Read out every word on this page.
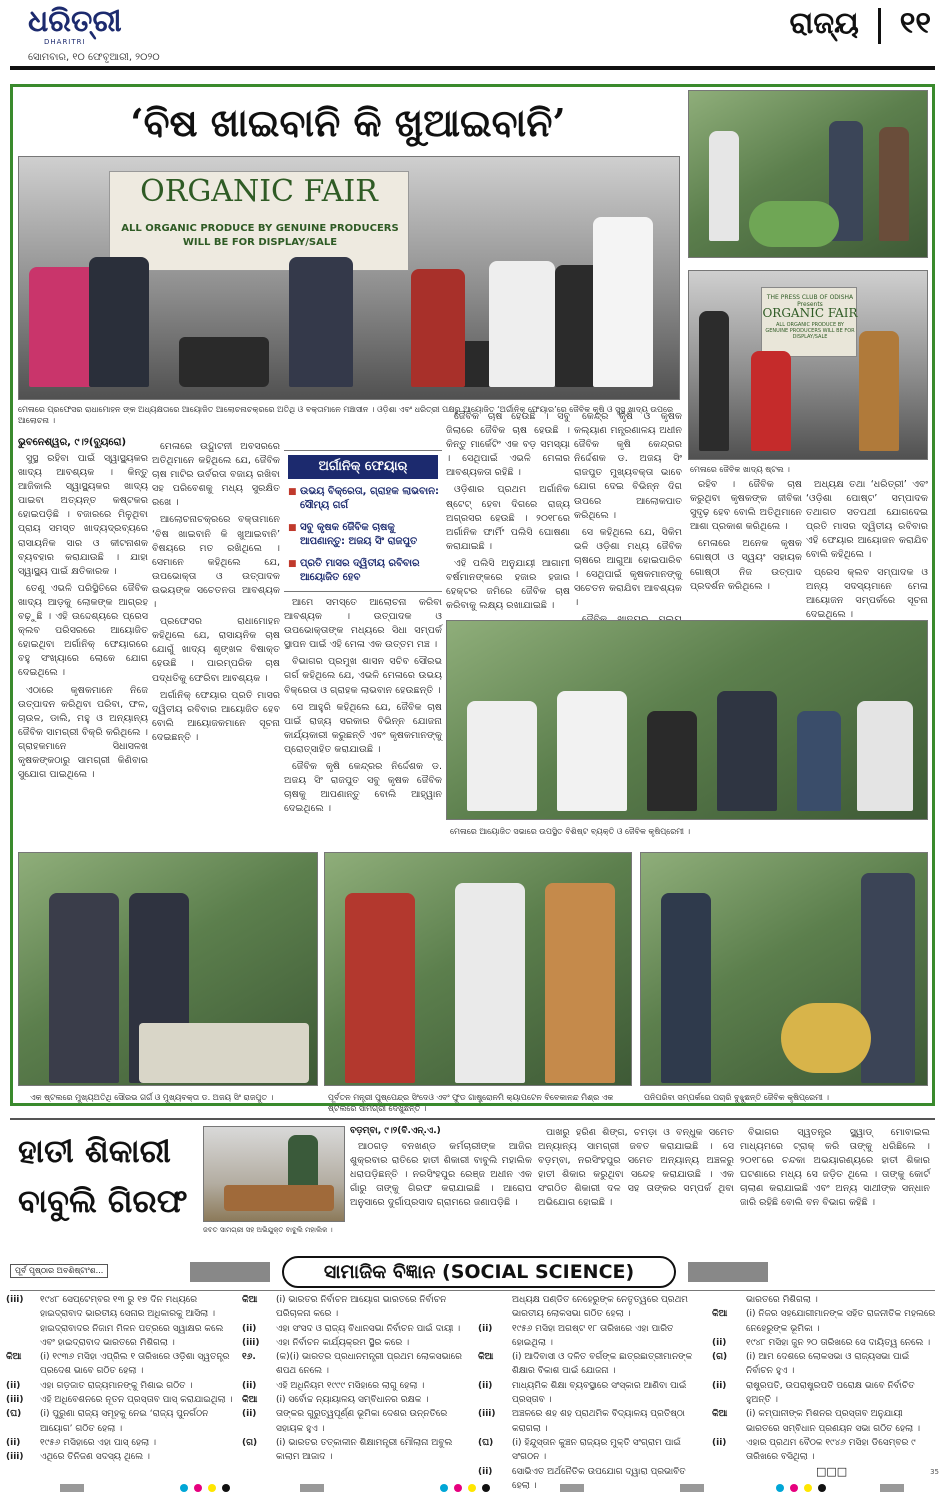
ଧରିତ୍ରୀ
DHARITRI
ସୋମବାର, ୧୦ ଫେବୃଆରୀ, ୨୦୨୦
ରାଜ୍ୟ ୧୧
‘ବିଷ ଖାଇବାନି କି ଖୁଆଇବାନି’
ORGANIC FAIR
ALL ORGANIC PRODUCE BY GENUINE PRODUCERS WILL BE FOR DISPLAY/SALE
ମେଳାରେ ପ୍ରଫେସର ରାଧାମୋହନ ଙ୍କ ଅଧ୍ୟକ୍ଷତାରେ ଆୟୋଜିତ ଆଲୋଚନାଚକ୍ରରେ ଅତିଥି ଓ ବକ୍ତାମାନେ ମଞ୍ଚାସୀନ । ଓଡ଼ିଶା ଏବଂ ଧରିତ୍ରୀ ପକ୍ଷରୁ ଆୟୋଜିତ ‘ଅର୍ଗାନିକ୍ ଫେୟାର’ରେ ଜୈବିକ କୃଷି ଓ ସୁସ୍ଥ ଖାଦ୍ୟ ଉପରେ ଆଲୋଚନା ।
THE PRESS CLUB OF ODISHA Presents
ORGANIC FAIR
ALL ORGANIC PRODUCE BY GENUINE PRODUCERS WILL BE FOR DISPLAY/SALE
ମେଳାରେ ଜୈବିକ ଖାଦ୍ୟ ଷ୍ଟଲ ।
ଭୁବନେଶ୍ୱର, ୯।୨(ବ୍ୟୁରୋ)

ସୁସ୍ଥ ରହିବା ପାଇଁ ସ୍ୱାସ୍ଥ୍ୟକର ଖାଦ୍ୟ ଆବଶ୍ୟକ । କିନ୍ତୁ ଆଜିକାଲି ସ୍ୱାସ୍ଥ୍ୟକର ଖାଦ୍ୟ ପାଇବା ଅତ୍ୟନ୍ତ କଷ୍ଟକର ହୋଇପଡ଼ିଛି । ବଜାରରେ ମିଳୁଥିବା ପ୍ରାୟ ସମସ୍ତ ଖାଦ୍ୟଦ୍ରବ୍ୟରେ ରାସାୟନିକ ସାର ଓ କୀଟନାଶକ ବ୍ୟବହାର କରାଯାଉଛି । ଯାହା ସ୍ୱାସ୍ଥ୍ୟ ପାଇଁ କ୍ଷତିକାରକ ।

ତେଣୁ ଏଭଳି ପରିସ୍ଥିତିରେ ଜୈବିକ ଖାଦ୍ୟ ଆଡ଼କୁ ଲୋକଙ୍କ ଆଗ୍ରହ ବଢ଼ୁଛି । ଏହି ଉଦ୍ଦେଶ୍ୟରେ ପ୍ରେସ କ୍ଲବ ପରିସରରେ ଆୟୋଜିତ ହୋଇଥିବା ଅର୍ଗାନିକ୍ ଫେୟାରରେ ବହୁ ସଂଖ୍ୟାରେ ଲୋକେ ଯୋଗ ଦେଇଥିଲେ ।

ଏଠାରେ କୃଷକମାନେ ନିଜେ ଉତ୍ପାଦନ କରିଥିବା ପରିବା, ଫଳ, ଚାଉଳ, ଡାଲି, ମହୁ ଓ ଅନ୍ୟାନ୍ୟ ଜୈବିକ ସାମଗ୍ରୀ ବିକ୍ରି କରିଥିଲେ । ଗ୍ରାହକମାନେ ସିଧାସଳଖ କୃଷକଙ୍କଠାରୁ ସାମଗ୍ରୀ କିଣିବାର ସୁଯୋଗ ପାଇଥିଲେ ।

ମେଳାରେ ଉଦ୍ଘାଟନୀ ଅବସରରେ ଅତିଥିମାନେ କହିଥିଲେ ଯେ, ଜୈବିକ ଚାଷ ମାଟିର ଉର୍ବରତା ବଜାୟ ରଖିବା ସହ ପରିବେଶକୁ ମଧ୍ୟ ସୁରକ୍ଷିତ ରଖେ ।

ଆଲୋଚନାଚକ୍ରରେ ବକ୍ତାମାନେ ‘ବିଷ ଖାଇବାନି କି ଖୁଆଇବାନି’ ବିଷୟରେ ମତ ରଖିଥିଲେ । ସେମାନେ କହିଥିଲେ ଯେ, ଉପଭୋକ୍ତା ଓ ଉତ୍ପାଦକ ଉଭୟଙ୍କ ସଚେତନତା ଆବଶ୍ୟକ ।

ପ୍ରଫେସର ରାଧାମୋହନ କହିଥିଲେ ଯେ, ରାସାୟନିକ ଚାଷ ଯୋଗୁଁ ଖାଦ୍ୟ ଶୃଙ୍ଖଳ ବିଷାକ୍ତ ହେଉଛି । ପାରମ୍ପରିକ ଚାଷ ପଦ୍ଧତିକୁ ଫେରିବା ଆବଶ୍ୟକ ।

ଅର୍ଗାନିକ୍ ଫେୟାର ପ୍ରତି ମାସର ଦ୍ୱିତୀୟ ରବିବାର ଆୟୋଜିତ ହେବ ବୋଲି ଆୟୋଜକମାନେ ସୂଚନା ଦେଇଛନ୍ତି ।

ଅର୍ଗାନିକ୍ ଫେୟାର୍
■ ଉଭୟ ବିକ୍ରେତା, ଗ୍ରାହକ ଲାଭବାନ: ସୌମ୍ୟ ଗର୍ଗ
■ ସବୁ କୃଷକ ଜୈବିକ ଚାଷକୁ ଆପଣାନ୍ତୁ: ଅଜୟ ସିଂ ରାଜପୁତ
■ ପ୍ରତି ମାସର ଦ୍ୱିତୀୟ ରବିବାର ଆୟୋଜିତ ହେବ

ଆମେ ସମସ୍ତେ ଆଲୋଚନା କରିବା ଆବଶ୍ୟକ । ଉତ୍ପାଦକ ଓ ଉପଭୋକ୍ତାଙ୍କ ମଧ୍ୟରେ ସିଧା ସମ୍ପର୍କ ସ୍ଥାପନ ପାଇଁ ଏହି ମେଳା ଏକ ଉତ୍ତମ ମଞ୍ଚ ।

ବିଭାଗର ପ୍ରମୁଖ ଶାସନ ସଚିବ ସୌରଭ ଗର୍ଗ କହିଥିଲେ ଯେ, ଏଭଳି ମେଳାରେ ଉଭୟ ବିକ୍ରେତା ଓ ଗ୍ରାହକ ଲାଭବାନ ହେଉଛନ୍ତି ।

ସେ ଆହୁରି କହିଥିଲେ ଯେ, ଜୈବିକ ଚାଷ ପାଇଁ ରାଜ୍ୟ ସରକାର ବିଭିନ୍ନ ଯୋଜନା କାର୍ଯ୍ୟକାରୀ କରୁଛନ୍ତି ଏବଂ କୃଷକମାନଙ୍କୁ ପ୍ରୋତ୍ସାହିତ କରାଯାଉଛି ।

ଜୈବିକ କୃଷି କେନ୍ଦ୍ରର ନିର୍ଦ୍ଦେଶକ ଡ. ଅଜୟ ସିଂ ରାଜପୁତ ସବୁ କୃଷକ ଜୈବିକ ଚାଷକୁ ଆପଣାନ୍ତୁ ବୋଲି ଆହ୍ୱାନ ଦେଇଥିଲେ ।

ଜୈବିକ ଚାଷ ହେଉଛି । ସବୁ ଜିଲାରେ ଜୈବିକ ଚାଷ ହେଉଛି । କିନ୍ତୁ ମାର୍କେଟିଂ ଏକ ବଡ଼ ସମସ୍ୟା । ସେଥିପାଇଁ ଏଭଳି ମେଳାର ଆବଶ୍ୟକତା ରହିଛି ।

ଓଡ଼ିଶାର ପ୍ରଥମ ଅର୍ଗାନିକ ଷ୍ଟେଟ୍ ହେବା ଦିଗରେ ରାଜ୍ୟ ଅଗ୍ରସର ହେଉଛି । ୨୦୧୮ରେ ଅର୍ଗାନିକ ଫାର୍ମିଂ ପଲିସି ଘୋଷଣା କରାଯାଇଛି ।

ଏହି ପଲିସି ଅନୁଯାୟୀ ଆଗାମୀ ବର୍ଷମାନଙ୍କରେ ହଜାର ହଜାର ହେକ୍ଟର ଜମିରେ ଜୈବିକ ଚାଷ କରିବାକୁ ଲକ୍ଷ୍ୟ ରଖାଯାଇଛି ।

କେନ୍ଦ୍ର କୃଷି ଓ କୃଷକ କଲ୍ୟାଣ ମନ୍ତ୍ରଣାଳୟ ଅଧୀନ ଜୈବିକ କୃଷି କେନ୍ଦ୍ରର ନିର୍ଦ୍ଦେଶକ ଡ. ଅଜୟ ସିଂ ରାଜପୁତ ମୁଖ୍ୟବକ୍ତା ଭାବେ ଯୋଗ ଦେଇ ବିଭିନ୍ନ ଦିଗ ଉପରେ ଆଲୋକପାତ କରିଥିଲେ ।

ସେ କହିଥିଲେ ଯେ, ସିକିମ ଭଳି ଓଡ଼ିଶା ମଧ୍ୟ ଜୈବିକ ଚାଷରେ ଆଗୁଆ ହୋଇପାରିବ । ସେଥିପାଇଁ କୃଷକମାନଙ୍କୁ ସଚେତନ କରାଯିବା ଆବଶ୍ୟକ ।

ରହିବ । ଜୈବିକ ଚାଷ କରୁଥିବା କୃଷକଙ୍କ ଜୀବିକା ସୁଦୃଢ଼ ହେବ ବୋଲି ଅତିଥିମାନେ ଆଶା ପ୍ରକାଶ କରିଥିଲେ ।

ମେଳାରେ ଅନେକ କୃଷକ ଗୋଷ୍ଠୀ ଓ ସ୍ୱୟଂ ସହାୟକ ଗୋଷ୍ଠୀ ନିଜ ଉତ୍ପାଦ ପ୍ରଦର୍ଶନ କରିଥିଲେ ।

ଅଧ୍ୟକ୍ଷ ତଥା ‘ଧରିତ୍ରୀ’ ଏବଂ ‘ଓଡ଼ିଶା ପୋଷ୍ଟ’ ସମ୍ପାଦକ ତଥାଗତ ସତପଥୀ ଯୋଗଦେଇ ପ୍ରତି ମାସର ଦ୍ୱିତୀୟ ରବିବାର ଏହି ଫେୟାର ଆୟୋଜନ କରାଯିବ ବୋଲି କହିଥିଲେ ।

ପ୍ରେସ କ୍ଲବ ସମ୍ପାଦକ ଓ ଅନ୍ୟ ସଦସ୍ୟମାନେ ମେଳା ଆୟୋଜନ ସମ୍ପର୍କରେ ସୂଚନା ଦେଇଥିଲେ ।

ମେଳାରେ ଆୟୋଜିତ ସଭାରେ ଉପସ୍ଥିତ ବିଶିଷ୍ଟ ବ୍ୟକ୍ତି ଓ ଜୈବିକ କୃଷିପ୍ରେମୀ ।
ଏକ ଷ୍ଟଲରେ ମୁଖ୍ୟଅତିଥି ସୌରଭ ଗର୍ଗ ଓ ମୁଖ୍ୟବକ୍ତା ଡ. ଅଜୟ ସିଂ ରାଜପୁତ ।	ପୂର୍ବତନ ମନ୍ତ୍ରୀ ପୁଷ୍ପେନ୍ଦ୍ର ସିଂଦେଓ ଏବଂ ଫୁଡ ଗାଷ୍ଟ୍ରୋନମି କ୍ୟାପଟେନ ବିବେକାନନ୍ଦ ମିଶ୍ର ଏକ ଷ୍ଟଲରେ ସାମଗ୍ରୀ ଦେଖୁଛନ୍ତି ।
ପନିପରିବା ସମ୍ପର୍କରେ ପଚାରି ବୁଝୁଛନ୍ତି ଜୈବିକ କୃଷିପ୍ରେମୀ ।
ହାତୀ ଶିକାରୀ
ବାବୁଲି ଗିରଫ
ଜବତ ସାମଗ୍ରୀ ସହ ଅଭିଯୁକ୍ତ ବାବୁଲି ମହାଲିକ ।
ବଡ଼ମ୍ବା, ୯।୨(ବି.ଏନ୍.ଏ.)

ଆଠଗଡ଼ ବନଖଣ୍ଡ କର୍ମଚାରୀଙ୍କ ଆଜିର ଶୁକ୍ରବାର ରାତିରେ ହାତୀ ଶିକାରୀ ବାବୁଲି ମହାଲିକ ଧରାପଡ଼ିଛନ୍ତି । ନରସିଂହପୁର ରେଞ୍ଜ ଅଧୀନ ଏକ ଗାଁରୁ ତାଙ୍କୁ ଗିରଫ କରାଯାଇଛି । ଆରୋପ ଅନୁସାରେ ଦୁର୍ଗାପ୍ରସାଦ ଗ୍ରାମରେ ଜଣାପଡ଼ିଛି ।

ପାଖରୁ ହରିଣ ଶିଙ୍ଗ, ଚମଡ଼ା ଓ ବନ୍ଧୁକ ସମେତ ଅନ୍ୟାନ୍ୟ ସାମଗ୍ରୀ ଜବତ କରାଯାଇଛି । ସେ ବଡ଼ମ୍ବା, ନରସିଂହପୁର ସମେତ ଅନ୍ୟାନ୍ୟ ଅଞ୍ଚଳରୁ ହାତୀ ଶିକାର କରୁଥିବା ସନ୍ଦେହ କରାଯାଉଛି । ଏକ ସଂଗଠିତ ଶିକାରୀ ଦଳ ସହ ତାଙ୍କର ସମ୍ପର୍କ ଥିବା ଅଭିଯୋଗ ହୋଇଛି ।

ବିଭାଗର ସ୍ୱତନ୍ତ୍ର ସ୍କ୍ୱାଡ୍ ମୋବାଇଲ ମାଧ୍ୟମରେ ଟ୍ରାକ୍ କରି ତାଙ୍କୁ ଧରିଛିଲେ । ୨୦୧୮ରେ ଚନ୍ଦକା ଅଭୟାରଣ୍ୟରେ ହାତୀ ଶିକାର ଘଟଣାରେ ମଧ୍ୟ ସେ ଜଡ଼ିତ ଥିଲେ । ତାଙ୍କୁ କୋର୍ଟ ଚାଲାଣ କରାଯାଇଛି ଏବଂ ଅନ୍ୟ ସାଥୀଙ୍କ ସନ୍ଧାନ ଜାରି ରହିଛି ବୋଲି ବନ ବିଭାଗ କହିଛି ।

ପୂର୍ବ ପୃଷ୍ଠାର ଅବଶିଷ୍ଟାଂଶ...	ସାମାଜିକ ବିଜ୍ଞାନ (SOCIAL SCIENCE)
(iii) ୧୯୪୮ ସେପ୍ଟେମ୍ବର ୧୩ ରୁ ୧୭ ଦିନ ମଧ୍ୟରେ ହାଇଦ୍ରାବାଦ ଭାରତୀୟ ସେନାର ଅଧିକାରକୁ ଆସିଲା ।
ହାଇଦ୍ରାବାଦର ନିଜାମ ମିଳନ ପତ୍ରରେ ସ୍ୱାକ୍ଷର କଲେ ଏବଂ ହାଇଦ୍ରାବାଦ ଭାରତରେ ମିଶିଗଲା ।
କିଆ (i) ୧୯୩୬ ମସିହା ଏପ୍ରିଲ ୧ ତାରିଖରେ ଓଡ଼ିଶା ସ୍ୱତନ୍ତ୍ର ପ୍ରଦେଶ ଭାବେ ଗଠିତ ହେଲା ।
(ii) ଏହା ଗଡ଼ଜାତ ରାଜ୍ୟମାନଙ୍କୁ ମିଶାଇ ଗଠିତ ।
(iii) ଏହି ଅଧିବେଶନରେ ନୂତନ ପ୍ରସ୍ତାବ ପାସ୍ କରାଯାଇଥିଲା ।
(ଘ) (i) ପୁରୁଣା ରାଜ୍ୟ ସମୂହକୁ ନେଇ ‘ରାଜ୍ୟ ପୁନର୍ଗଠନ ଆୟୋଗ’ ଗଠିତ ହେଲା ।
(ii) ୧୯୫୬ ମସିହାରେ ଏହା ପାସ୍ ହେଲା ।
(iii) ଏଥିରେ ତିନିଜଣ ସଦସ୍ୟ ଥିଲେ ।
କିଆ (i) ଭାରତର ନିର୍ବାଚନ ଆୟୋଗ ଭାରତରେ ନିର୍ବାଚନ ପରିଚାଳନା କରେ ।
(ii) ଏହା ସଂସଦ ଓ ରାଜ୍ୟ ବିଧାନସଭା ନିର୍ବାଚନ ପାଇଁ ଦାୟୀ ।
(iii) ଏହା ନିର୍ବାଚନ କାର୍ଯ୍ୟକ୍ରମ ସ୍ଥିର କରେ ।
୧୬. (କ)(i) ଭାରତର ପ୍ରଧାନମନ୍ତ୍ରୀ ପ୍ରଥମ ଲୋକସଭାରେ ଶପଥ ନେଲେ ।
(ii) ଏହି ଅଧିନିୟମ ୧୯୯୯ ମସିହାରେ ଲାଗୁ ହେଲା ।
କିଆ (i) ସର୍ବୋଚ୍ଚ ନ୍ୟାୟାଳୟ ସମ୍ବିଧାନର ରକ୍ଷକ ।
(ii) ତାଙ୍କର ଗୁରୁତ୍ୱପୂର୍ଣ୍ଣ ଭୂମିକା ଦେଶର ଉନ୍ନତିରେ ସହାୟକ ହୁଏ ।
(ଗ) (i) ଭାରତର ତତ୍କାଳୀନ ଶିକ୍ଷାମନ୍ତ୍ରୀ ମୌଲାନା ଅବୁଲ କାଲାମ ଆଜାଦ ।
ଅଧ୍ୟକ୍ଷ ପଣ୍ଡିତ ନେହେରୁଙ୍କ ନେତୃତ୍ୱରେ ପ୍ରଥମ ଭାରତୀୟ ଲୋକସଭା ଗଠିତ ହେଲା ।
(ii) ୧୯୫୬ ମସିହା ଅଗଷ୍ଟ ୧୮ ତାରିଖରେ ଏହା ପାରିତ ହୋଇଥିଲା ।
କିଆ (i) ଆଦିବାସୀ ଓ ଦଳିତ ବର୍ଗଙ୍କ ଛାତ୍ରଛାତ୍ରୀମାନଙ୍କ ଶିକ୍ଷାର ବିକାଶ ପାଇଁ ଯୋଜନା ।
(ii) ମାଧ୍ୟମିକ ଶିକ୍ଷା ବ୍ୟବସ୍ଥାରେ ସଂସ୍କାର ଆଣିବା ପାଇଁ ପ୍ରସ୍ତାବ ।
(iii) ଅଞ୍ଚଳରେ ଶହ ଶହ ପ୍ରାଥମିକ ବିଦ୍ୟାଳୟ ପ୍ରତିଷ୍ଠା କରାଗଲା ।
(ଘ) (i) ହିନ୍ଦୁସ୍ତାନ କୁଞ୍ଚନ ରାଜ୍ୟର ମୁକ୍ତି ସଂଗ୍ରାମ ପାଇଁ ସଂଗଠନ ।
(ii) ସୋଭିଏତ ଅର୍ଥନୈତିକ ଉପଯୋଗ ଦ୍ୱାରା ପ୍ରଭାବିତ ହେଲା ।
ଭାରତରେ ମିଶିଗଲା ।
କିଆ (i) ନିଜର ସହଯୋଗୀମାନଙ୍କ ସହିତ ରାଜନୀତିକ ମହଲରେ ନେହେରୁଙ୍କ ଭୂମିକା ।
(ii) ୧୯୪୮ ମସିହା ଜୁନ ୨୦ ତାରିଖରେ ସେ ଦାୟିତ୍ୱ ନେଲେ ।
(ଗ) (i) ଆମ ଦେଶରେ ଲୋକସଭା ଓ ରାଜ୍ୟସଭା ପାଇଁ ନିର୍ବାଚନ ହୁଏ ।
(ii) ରାଷ୍ଟ୍ରପତି, ଉପରାଷ୍ଟ୍ରପତି ପରୋକ୍ଷ ଭାବେ ନିର୍ବାଚିତ ହୁଅନ୍ତି ।
କିଆ (i) କମ୍ପାନୀଙ୍କ ମିଶନର ପ୍ରସ୍ତାବ ଅନୁଯାୟୀ ଭାରତରେ ସମ୍ବିଧାନ ପ୍ରଣୟନ ସଭା ଗଠିତ ହେଲା ।
(ii) ଏହାର ପ୍ରଥମ ବୈଠକ ୧୯୪୬ ମସିହା ଡିସେମ୍ବର ୯ ତାରିଖରେ ବସିଥିଲା ।
□□□	35
